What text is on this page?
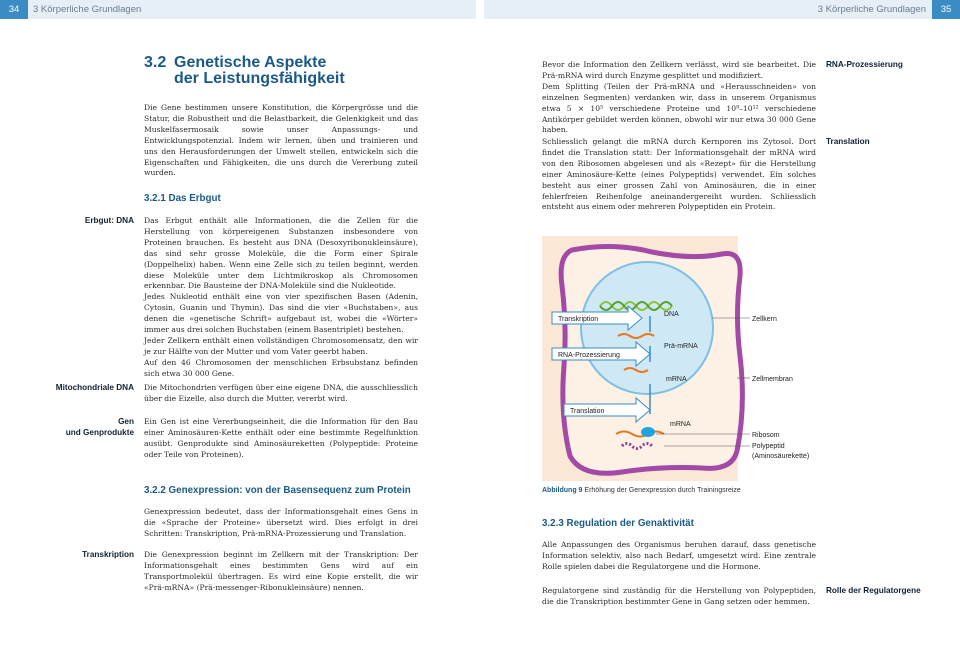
34	3 Körperliche Grundlagen	3 Körperliche Grundlagen	35
3.2 Genetische Aspekte
der Leistungsfähigkeit

Die Gene bestimmen unsere Konstitution, die Körpergrösse und die Statur, die Robustheit und die Belastbarkeit, die Gelenkigkeit und das Muskelfasermosaik sowie unser Anpassungs- und Entwicklungspotenzial. Indem wir lernen, üben und trainieren und uns den Herausforderungen der Umwelt stellen, entwickeln sich die Eigenschaften und Fähigkeiten, die uns durch die Vererbung zuteil wurden.

3.2.1 Das Erbgut
Erbgut: DNA Das Erbgut enthält alle Informationen, die die Zellen für die Herstellung von körpereigenen Substanzen insbesondere von Proteinen brauchen. Es besteht aus DNA (Desoxyribonukleinsäure), das sind sehr grosse Moleküle, die die Form einer Spirale (Doppelhelix) haben. Wenn eine Zelle sich zu teilen beginnt, werden diese Moleküle unter dem Lichtmikroskop als Chromosomen erkennbar. Die Bausteine der DNA-Moleküle sind die Nukleotide.

Jedes Nukleotid enthält eine von vier spezifischen Basen (Adenin, Cytosin, Guanin und Thymin). Das sind die vier «Buchstaben», aus denen die «genetische Schrift» aufgebaut ist, wobei die «Wörter» immer aus drei solchen Buchstaben (einem Basentriplet) bestehen.

Jeder Zellkern enthält einen vollständigen Chromosomensatz, den wir je zur Hälfte von der Mutter und vom Vater geerbt haben.

Auf den 46 Chromosomen der menschlichen Erbsubstanz befinden sich etwa 30 000 Gene.

Mitochondriale DNA Die Mitochondrien verfügen über eine eigene DNA, die ausschliesslich über die Eizelle, also durch die Mutter, vererbt wird.

Gen
und Genprodukte

Ein Gen ist eine Vererbungseinheit, die die Information für den Bau einer Aminosäuren-Kette enthält oder eine bestimmte Regelfunktion ausübt. Genprodukte sind Aminosäureketten (Polypeptide: Proteine oder Teile von Proteinen).

3.2.2 Genexpression: von der Basensequenz zum Protein

Genexpression bedeutet, dass der Informationsgehalt eines Gens in die «Sprache der Proteine» übersetzt wird. Dies erfolgt in drei Schritten: Transkription, Prä-mRNA-Prozessierung und Translation.

Transkription Die Genexpression beginnt im Zellkern mit der Transkription: Der Informationsgehalt eines bestimmten Gens wird auf ein Transportmolekül übertragen. Es wird eine Kopie erstellt, die wir «Prä-mRNA» (Prä-messenger-Ribonukleinsäure) nennen.

RNA-Prozessierung

Bevor die Information den Zellkern verlässt, wird sie bearbeitet. Die Prä-mRNA wird durch Enzyme gesplittet und modifiziert.

Dem Splitting (Teilen der Prä-mRNA und «Herausschneiden» von einzelnen Segmenten) verdanken wir, dass in unserem Organismus etwa 5 × 10⁵ verschiedene Proteine und 10⁹–10¹² verschiedene Antikörper gebildet werden können, obwohl wir nur etwa 30 000 Gene haben.

Translation

Schliesslich gelangt die mRNA durch Kernporen ins Zytosol. Dort findet die Translation statt: Der Informationsgehalt der mRNA wird von den Ribosomen abgelesen und als «Rezept» für die Herstellung einer Aminosäure-Kette (eines Polypeptids) verwendet. Ein solches besteht aus einer grossen Zahl von Aminosäuren, die in einer fehlerfreien Reihenfolge aneinandergereiht wurden. Schliesslich entsteht aus einem oder mehreren Polypeptiden ein Protein.

Transkription
RNA-Prozessierung
Translation
DNA
Prä-mRNA
mRNA
mRNA
Zellkern
Zellmembran
Ribosom
Polypeptid
(Aminosäurekette)
Abbildung 9 Erhöhung der Genexpression durch Trainingsreize
3.2.3 Regulation der Genaktivität

Alle Anpassungen des Organismus beruhen darauf, dass genetische Information selektiv, also nach Bedarf, umgesetzt wird. Eine zentrale Rolle spielen dabei die Regulatorgene und die Hormone.

Rolle der Regulatorgene

Regulatorgene sind zuständig für die Herstellung von Polypeptiden, die die Transkription bestimmter Gene in Gang setzen oder hemmen.
